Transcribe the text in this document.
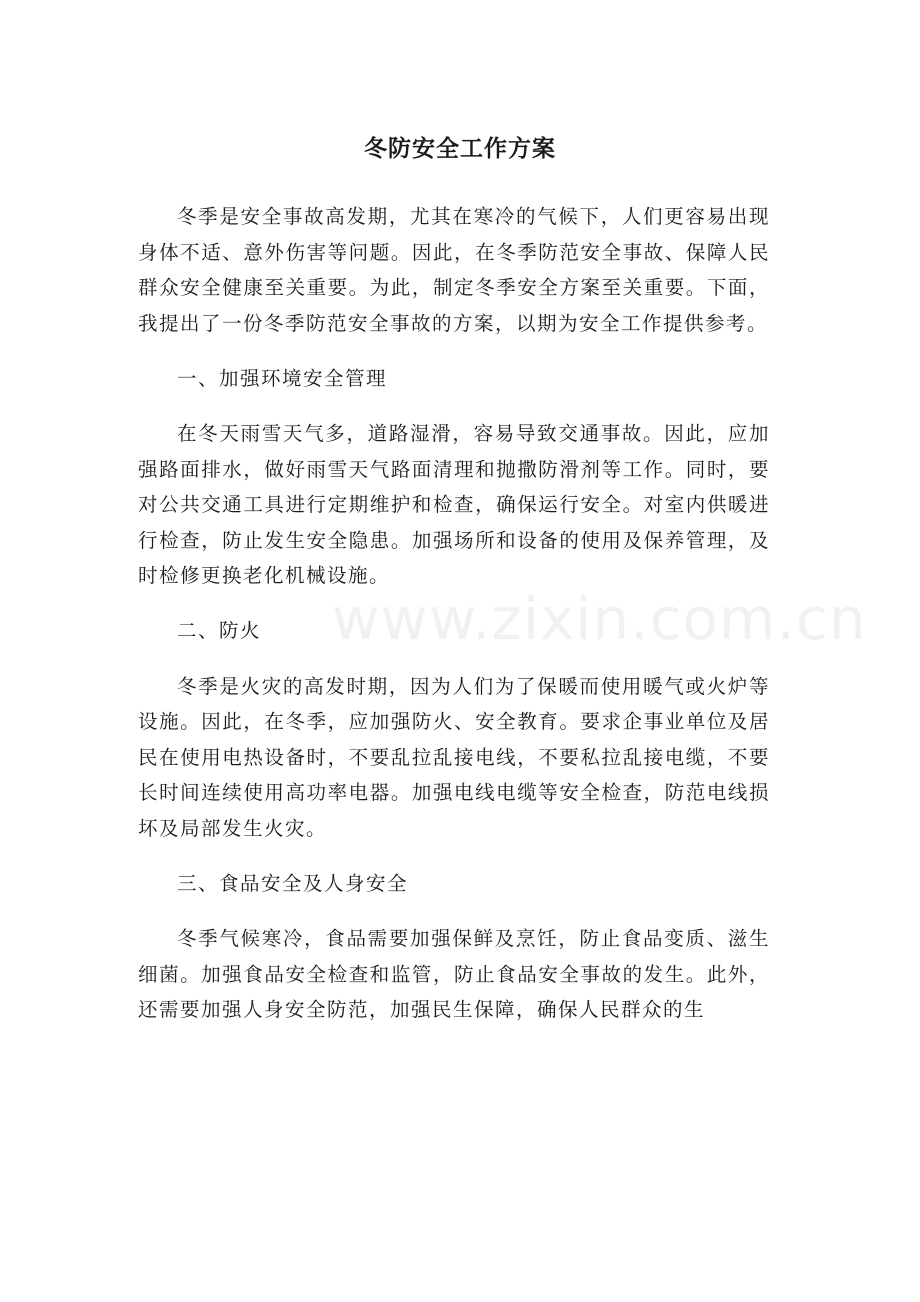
冬防安全工作方案

冬季是安全事故高发期，尤其在寒冷的气候下，人们更容易出现身体不适、意外伤害等问题。因此，在冬季防范安全事故、保障人民群众安全健康至关重要。为此，制定冬季安全方案至关重要。下面，我提出了一份冬季防范安全事故的方案，以期为安全工作提供参考。

一、加强环境安全管理

在冬天雨雪天气多，道路湿滑，容易导致交通事故。因此，应加强路面排水，做好雨雪天气路面清理和抛撒防滑剂等工作。同时，要对公共交通工具进行定期维护和检查，确保运行安全。对室内供暖进行检查，防止发生安全隐患。加强场所和设备的使用及保养管理，及时检修更换老化机械设施。

二、防火

冬季是火灾的高发时期，因为人们为了保暖而使用暖气或火炉等设施。因此，在冬季，应加强防火、安全教育。要求企事业单位及居民在使用电热设备时，不要乱拉乱接电线，不要私拉乱接电缆，不要长时间连续使用高功率电器。加强电线电缆等安全检查，防范电线损坏及局部发生火灾。

三、食品安全及人身安全

冬季气候寒冷，食品需要加强保鲜及烹饪，防止食品变质、滋生细菌。加强食品安全检查和监管，防止食品安全事故的发生。此外，还需要加强人身安全防范，加强民生保障，确保人民群众的生

www.zixin.com.cn
